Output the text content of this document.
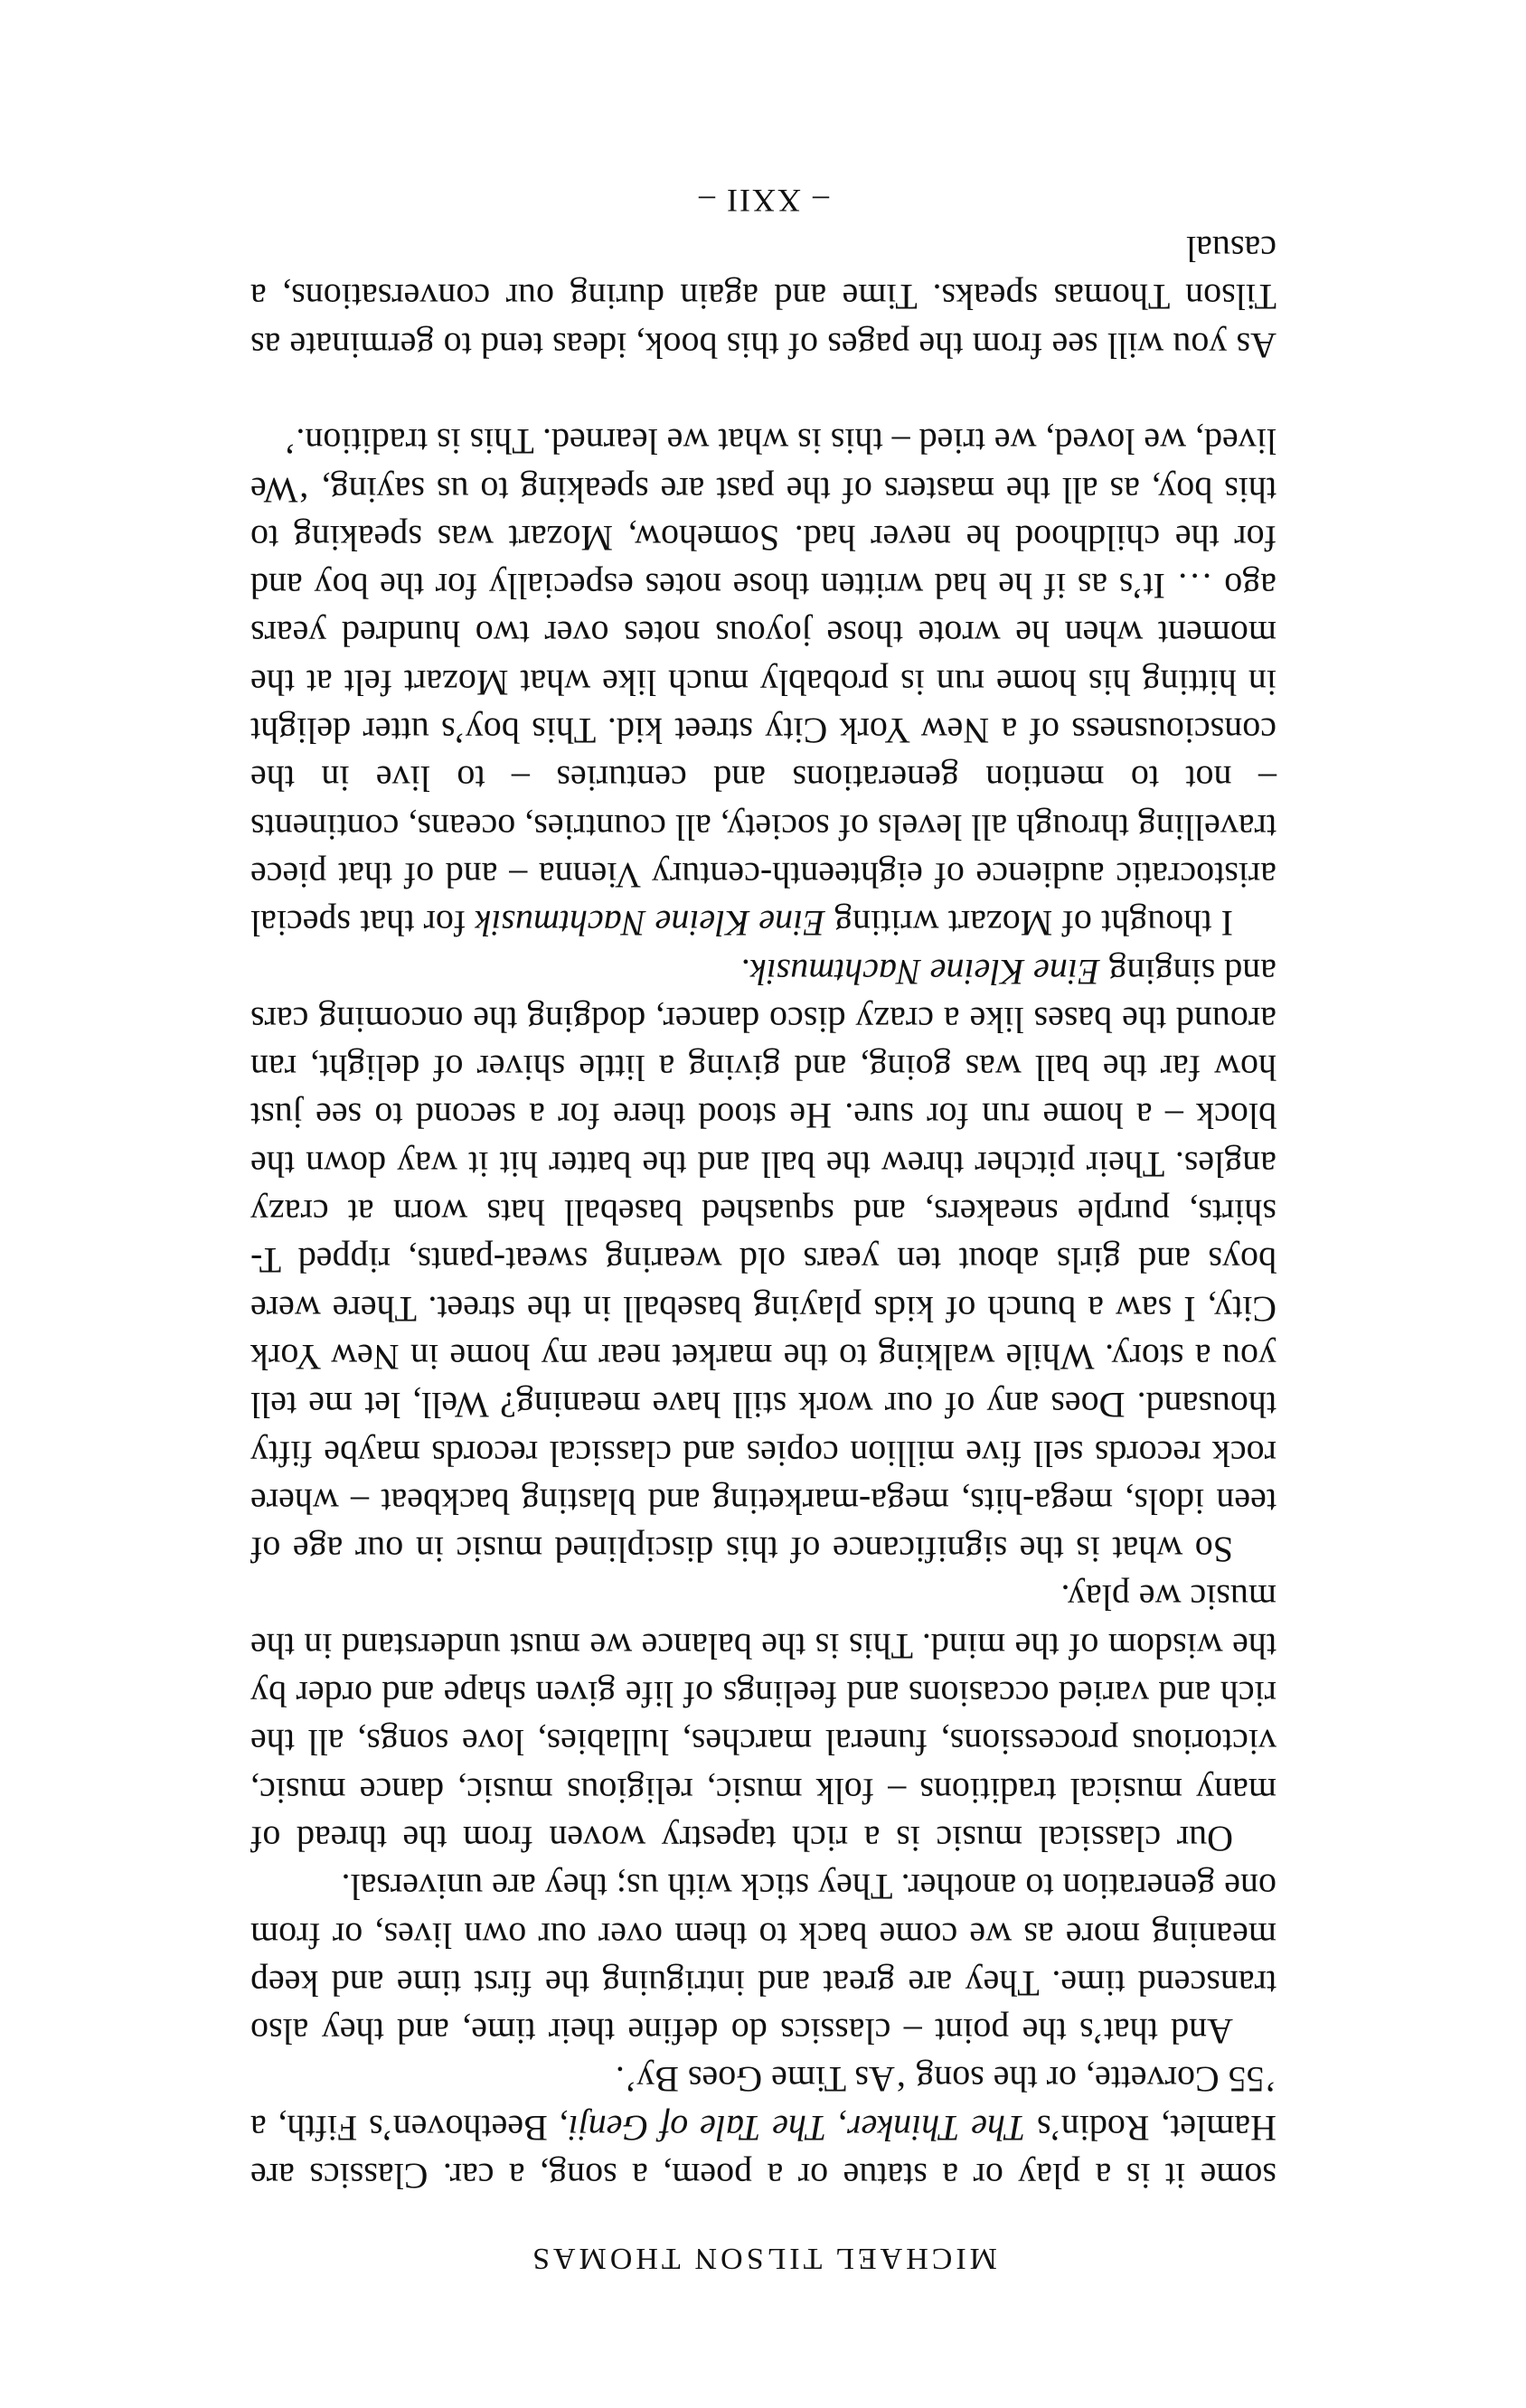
MICHAEL TILSON THOMAS

some it is a play or a statue or a poem, a song, a car. Classics are Hamlet, Rodin’s The Thinker, The Tale of Genji, Beethoven’s Fifth, a ’55 Corvette, or the song ‘As Time Goes By’.

And that’s the point – classics do define their time, and they also transcend time. They are great and intriguing the first time and keep meaning more as we come back to them over our own lives, or from one generation to another. They stick with us; they are universal.

Our classical music is a rich tapestry woven from the thread of many musical traditions – folk music, religious music, dance music, victorious processions, funeral marches, lullabies, love songs, all the rich and varied occasions and feelings of life given shape and order by the wisdom of the mind. This is the balance we must understand in the music we play.

So what is the significance of this disciplined music in our age of teen idols, mega-hits, mega-marketing and blasting backbeat – where rock records sell five million copies and classical records maybe fifty thousand. Does any of our work still have meaning? Well, let me tell you a story. While walking to the market near my home in New York City, I saw a bunch of kids playing baseball in the street. There were boys and girls about ten years old wearing sweat-pants, ripped T-shirts, purple sneakers, and squashed baseball hats worn at crazy angles. Their pitcher threw the ball and the batter hit it way down the block – a home run for sure. He stood there for a second to see just how far the ball was going, and giving a little shiver of delight, ran around the bases like a crazy disco dancer, dodging the oncoming cars and singing Eine Kleine Nachtmusik.

I thought of Mozart writing Eine Kleine Nachtmusik for that special aristocratic audience of eighteenth-century Vienna – and of that piece travelling through all levels of society, all countries, oceans, continents – not to mention generations and centuries – to live in the consciousness of a New York City street kid. This boy’s utter delight in hitting his home run is probably much like what Mozart felt at the moment when he wrote those joyous notes over two hundred years ago … It’s as if he had written those notes especially for the boy and for the childhood he never had. Somehow, Mozart was speaking to this boy, as all the masters of the past are speaking to us saying, ‘We lived, we loved, we tried – this is what we learned. This is tradition.’

As you will see from the pages of this book, ideas tend to germinate as Tilson Thomas speaks. Time and again during our conversations, a casual

– XXII –
